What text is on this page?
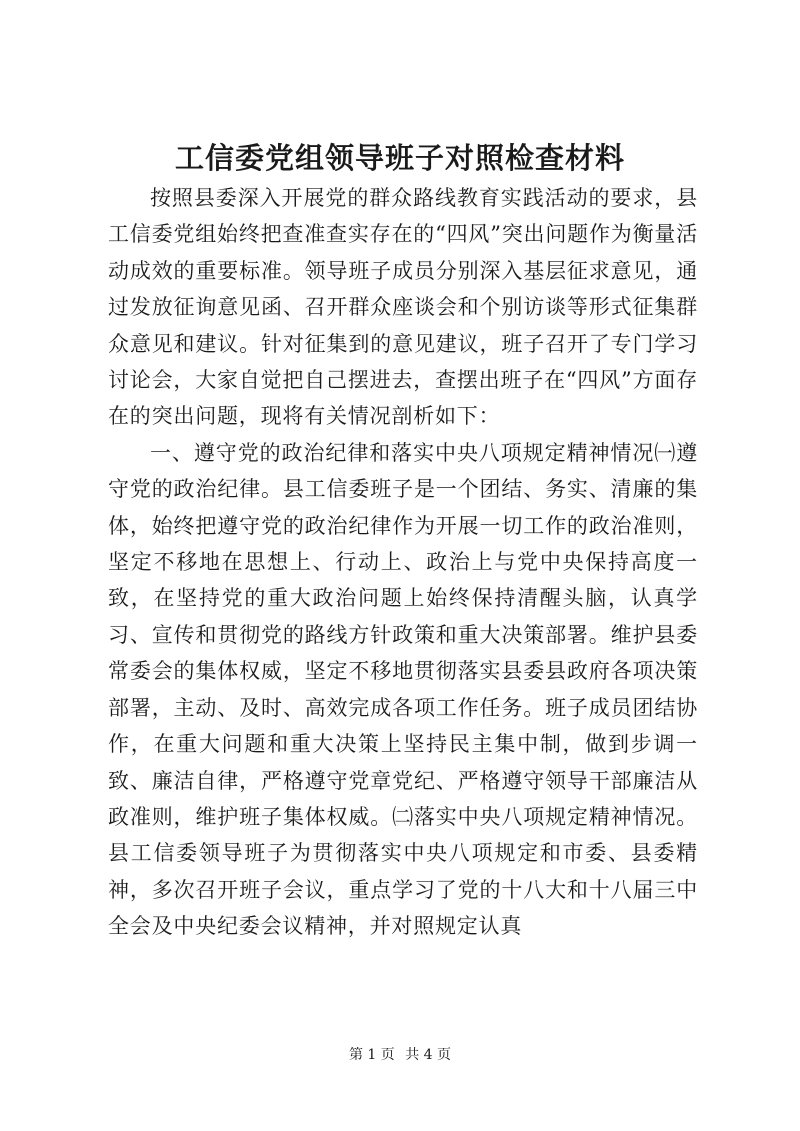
工信委党组领导班子对照检查材料

按照县委深入开展党的群众路线教育实践活动的要求，县工信委党组始终把查准查实存在的“四风”突出问题作为衡量活动成效的重要标准。领导班子成员分别深入基层征求意见，通过发放征询意见函、召开群众座谈会和个别访谈等形式征集群众意见和建议。针对征集到的意见建议，班子召开了专门学习讨论会，大家自觉把自己摆进去，查摆出班子在“四风”方面存在的突出问题，现将有关情况剖析如下：

一、遵守党的政治纪律和落实中央八项规定精神情况㈠遵守党的政治纪律。县工信委班子是一个团结、务实、清廉的集体，始终把遵守党的政治纪律作为开展一切工作的政治准则，坚定不移地在思想上、行动上、政治上与党中央保持高度一致，在坚持党的重大政治问题上始终保持清醒头脑，认真学习、宣传和贯彻党的路线方针政策和重大决策部署。维护县委常委会的集体权威，坚定不移地贯彻落实县委县政府各项决策部署，主动、及时、高效完成各项工作任务。班子成员团结协作，在重大问题和重大决策上坚持民主集中制，做到步调一致、廉洁自律，严格遵守党章党纪、严格遵守领导干部廉洁从政准则，维护班子集体权威。㈡落实中央八项规定精神情况。县工信委领导班子为贯彻落实中央八项规定和市委、县委精神，多次召开班子会议，重点学习了党的十八大和十八届三中全会及中央纪委会议精神，并对照规定认真

第 1 页 共 4 页
